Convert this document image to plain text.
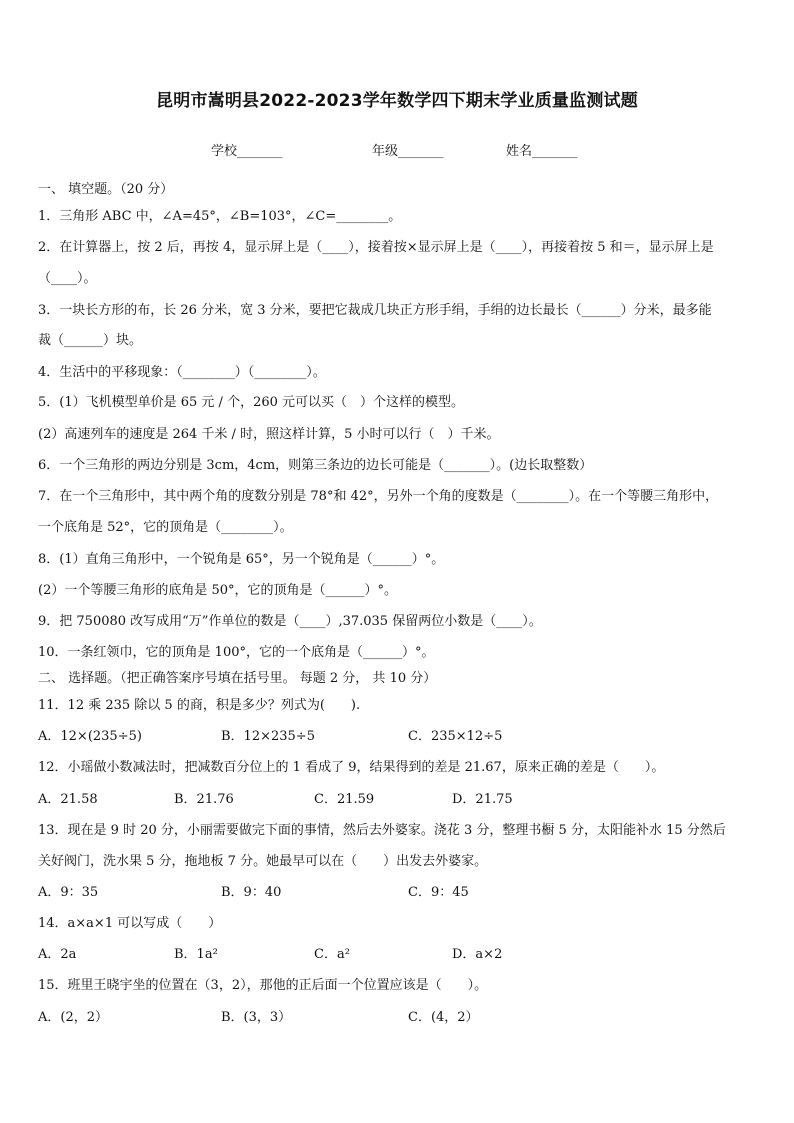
昆明市嵩明县2022-2023学年数学四下期末学业质量监测试题
学校_______	年级_______	姓名_______
一、 填空题。（20 分）
1．三角形 ABC 中，∠A=45°，∠B=103°，∠C=________。
2．在计算器上，按 2 后，再按 4，显示屏上是（____），接着按×显示屏上是（____），再接着按 5 和＝，显示屏上是
（____）。
3．一块长方形的布，长 26 分米，宽 3 分米，要把它裁成几块正方形手绢，手绢的边长最长（______）分米，最多能
裁（______）块。
4．生活中的平移现象：（________）（________）。
5．(1）飞机模型单价是 65 元 / 个，260 元可以买（　）个这样的模型。
(2）高速列车的速度是 264 千米 / 时，照这样计算，5 小时可以行（　）千米。
6．一个三角形的两边分别是 3cm，4cm，则第三条边的边长可能是（_______）。(边长取整数）
7．在一个三角形中，其中两个角的度数分别是 78°和 42°，另外一个角的度数是（________）。在一个等腰三角形中，
一个底角是 52°，它的顶角是（________）。
8．(1）直角三角形中，一个锐角是 65°，另一个锐角是（______）°。
(2）一个等腰三角形的底角是 50°，它的顶角是（______）°。
9．把 750080 改写成用“万”作单位的数是（____）,37.035 保留两位小数是（____）。
10．一条红领巾，它的顶角是 100°，它的一个底角是（______）°。
二、 选择题。（把正确答案序号填在括号里。 每题 2 分， 共 10 分）
11．12 乘 235 除以 5 的商，积是多少？列式为(　　).
A．12×(235÷5)	B．12×235÷5	C．235×12÷5
12．小瑶做小数减法时，把减数百分位上的 1 看成了 9，结果得到的差是 21.67，原来正确的差是（　　）。
A．21.58	B．21.76	C．21.59	D．21.75
13．现在是 9 时 20 分，小丽需要做完下面的事情，然后去外婆家。浇花 3 分，整理书橱 5 分，太阳能补水 15 分然后
关好阀门，洗水果 5 分，拖地板 7 分。她最早可以在（　　）出发去外婆家。
A．9：35	B．9：40	C．9：45
14．a×a×1 可以写成（　　）
A．2a	B．1a²	C．a²	D．a×2
15．班里王晓宇坐的位置在（3，2），那他的正后面一个位置应该是（　　）。
A．(2，2）	B．(3，3）	C．(4，2）
